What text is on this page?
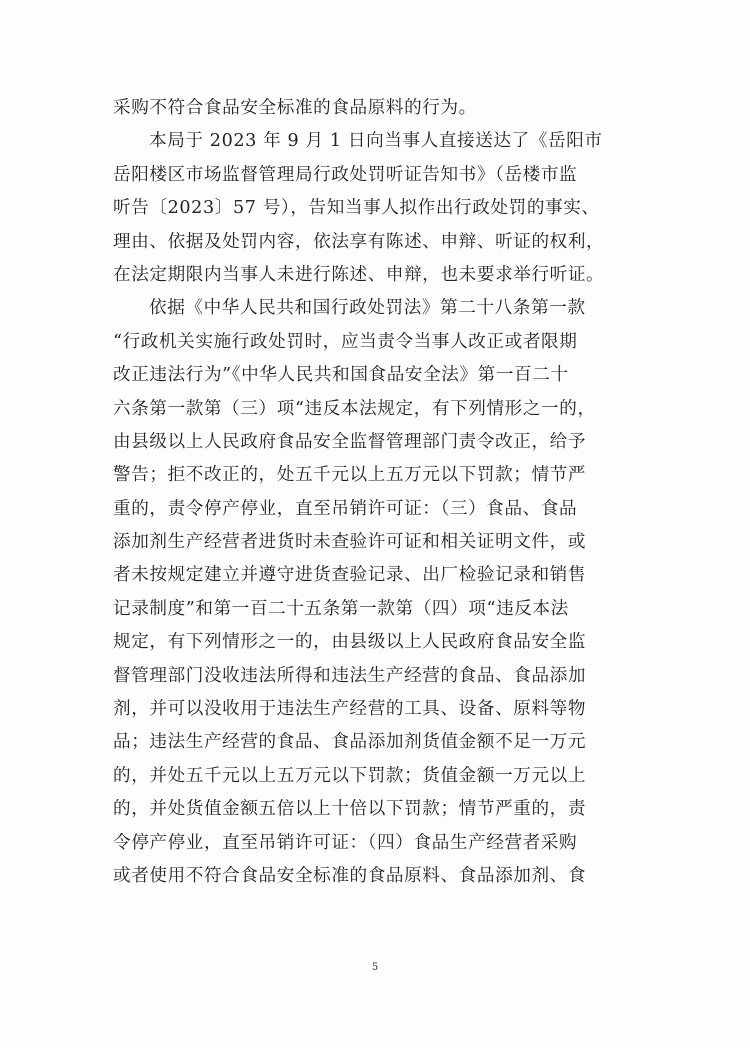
采购不符合食品安全标准的食品原料的行为。
本局于 2023 年 9 月 1 日向当事人直接送达了《岳阳市
岳阳楼区市场监督管理局行政处罚听证告知书》（岳楼市监
听告〔2023〕57 号），告知当事人拟作出行政处罚的事实、
理由、依据及处罚内容，依法享有陈述、申辩、听证的权利，
在法定期限内当事人未进行陈述、申辩，也未要求举行听证。
依据《中华人民共和国行政处罚法》第二十八条第一款
“行政机关实施行政处罚时，应当责令当事人改正或者限期
改正违法行为”《中华人民共和国食品安全法》第一百二十
六条第一款第（三）项“违反本法规定，有下列情形之一的，
由县级以上人民政府食品安全监督管理部门责令改正，给予
警告；拒不改正的，处五千元以上五万元以下罚款；情节严
重的，责令停产停业，直至吊销许可证：（三）食品、食品
添加剂生产经营者进货时未查验许可证和相关证明文件，或
者未按规定建立并遵守进货查验记录、出厂检验记录和销售
记录制度”和第一百二十五条第一款第（四）项“违反本法
规定，有下列情形之一的，由县级以上人民政府食品安全监
督管理部门没收违法所得和违法生产经营的食品、食品添加
剂，并可以没收用于违法生产经营的工具、设备、原料等物
品；违法生产经营的食品、食品添加剂货值金额不足一万元
的，并处五千元以上五万元以下罚款；货值金额一万元以上
的，并处货值金额五倍以上十倍以下罚款；情节严重的，责
令停产停业，直至吊销许可证：（四）食品生产经营者采购
或者使用不符合食品安全标准的食品原料、食品添加剂、食
5
